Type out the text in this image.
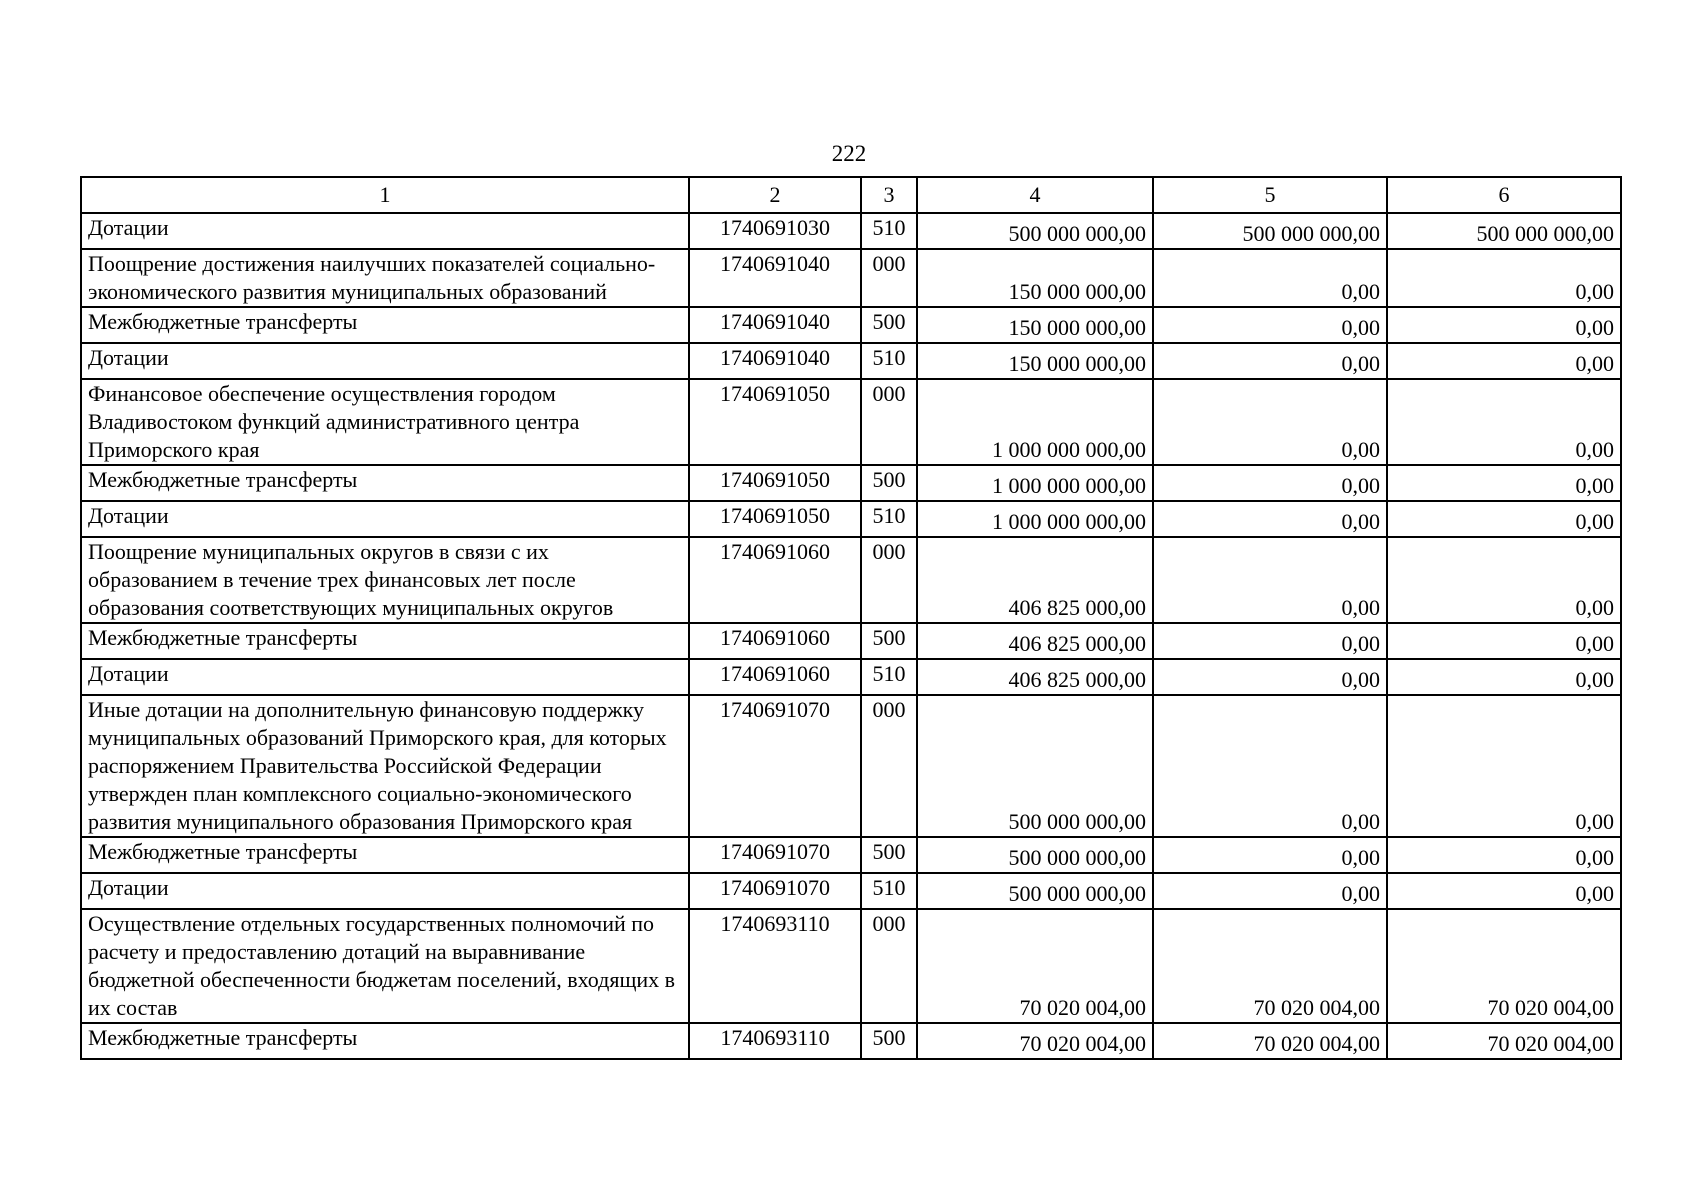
222
1	2	3	4	5	6
Дотации	1740691030	510	500 000 000,00	500 000 000,00	500 000 000,00
Поощрение достижения наилучших показателей социально-экономического развития муниципальных образований	1740691040	000	150 000 000,00	0,00	0,00
Межбюджетные трансферты	1740691040	500	150 000 000,00	0,00	0,00
Дотации	1740691040	510	150 000 000,00	0,00	0,00
Финансовое обеспечение осуществления городом Владивостоком функций административного центра Приморского края	1740691050	000	1 000 000 000,00	0,00	0,00
Межбюджетные трансферты	1740691050	500	1 000 000 000,00	0,00	0,00
Дотации	1740691050	510	1 000 000 000,00	0,00	0,00
Поощрение муниципальных округов в связи с их образованием в течение трех финансовых лет после образования соответствующих муниципальных округов	1740691060	000	406 825 000,00	0,00	0,00
Межбюджетные трансферты	1740691060	500	406 825 000,00	0,00	0,00
Дотации	1740691060	510	406 825 000,00	0,00	0,00
Иные дотации на дополнительную финансовую поддержку муниципальных образований Приморского края, для которых распоряжением Правительства Российской Федерации утвержден план комплексного социально-экономического развития муниципального образования Приморского края	1740691070	000	500 000 000,00	0,00	0,00
Межбюджетные трансферты	1740691070	500	500 000 000,00	0,00	0,00
Дотации	1740691070	510	500 000 000,00	0,00	0,00
Осуществление отдельных государственных полномочий по расчету и предоставлению дотаций на выравнивание бюджетной обеспеченности бюджетам поселений, входящих в их состав	1740693110	000	70 020 004,00	70 020 004,00	70 020 004,00
Межбюджетные трансферты	1740693110	500	70 020 004,00	70 020 004,00	70 020 004,00
